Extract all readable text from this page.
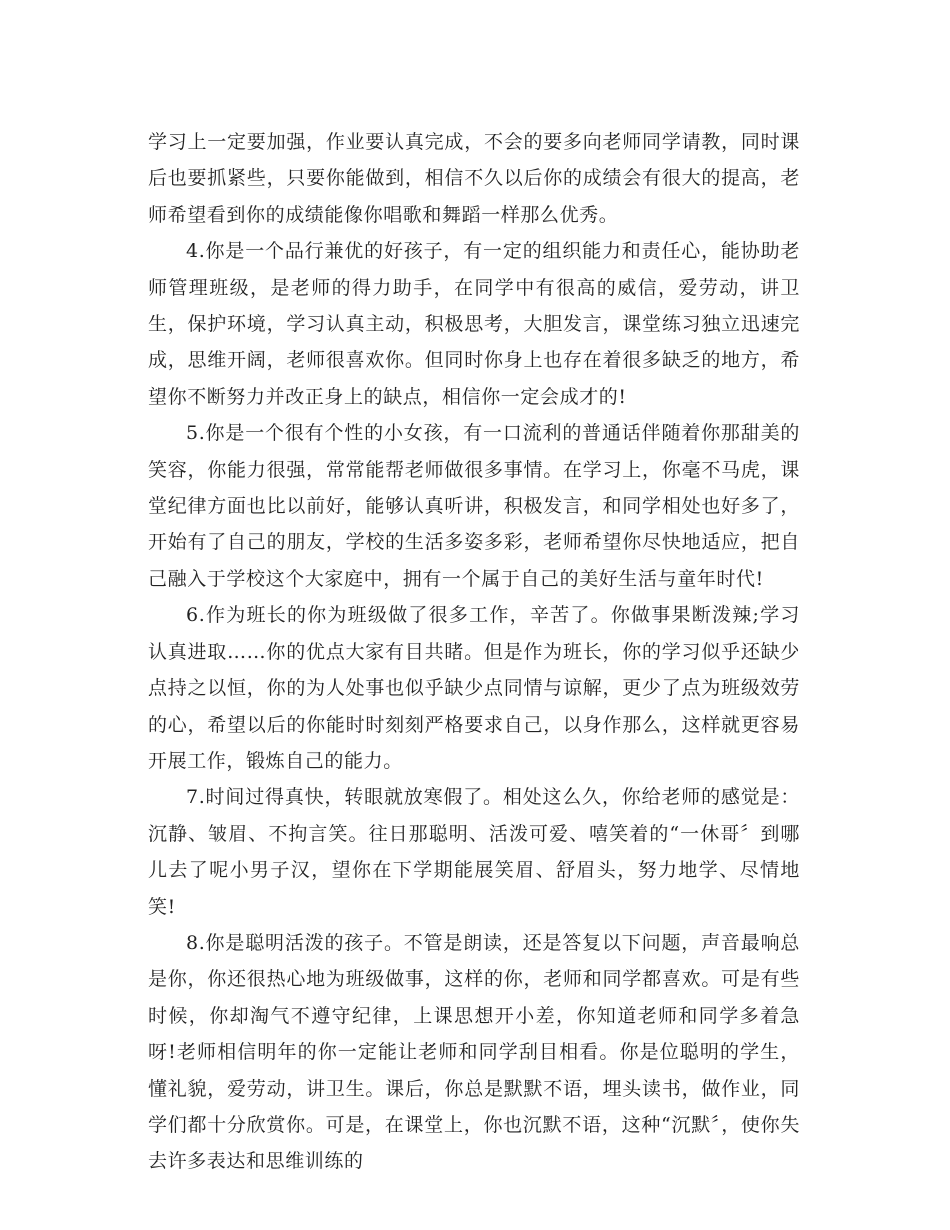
学习上一定要加强，作业要认真完成，不会的要多向老师同学请教，同时课后也要抓紧些，只要你能做到，相信不久以后你的成绩会有很大的提高，老师希望看到你的成绩能像你唱歌和舞蹈一样那么优秀。

4.你是一个品行兼优的好孩子，有一定的组织能力和责任心，能协助老师管理班级，是老师的得力助手，在同学中有很高的威信，爱劳动，讲卫生，保护环境，学习认真主动，积极思考，大胆发言，课堂练习独立迅速完成，思维开阔，老师很喜欢你。但同时你身上也存在着很多缺乏的地方，希望你不断努力并改正身上的缺点，相信你一定会成才的!

5.你是一个很有个性的小女孩，有一口流利的普通话伴随着你那甜美的笑容，你能力很强，常常能帮老师做很多事情。在学习上，你毫不马虎，课堂纪律方面也比以前好，能够认真听讲，积极发言，和同学相处也好多了，开始有了自己的朋友，学校的生活多姿多彩，老师希望你尽快地适应，把自己融入于学校这个大家庭中，拥有一个属于自己的美好生活与童年时代!

6.作为班长的你为班级做了很多工作，辛苦了。你做事果断泼辣;学习认真进取……你的优点大家有目共睹。但是作为班长，你的学习似乎还缺少点持之以恒，你的为人处事也似乎缺少点同情与谅解，更少了点为班级效劳的心，希望以后的你能时时刻刻严格要求自己，以身作那么，这样就更容易开展工作，锻炼自己的能力。

7.时间过得真快，转眼就放寒假了。相处这么久，你给老师的感觉是：沉静、皱眉、不拘言笑。往日那聪明、活泼可爱、嘻笑着的“一休哥〞到哪儿去了呢小男子汉，望你在下学期能展笑眉、舒眉头，努力地学、尽情地笑!

8.你是聪明活泼的孩子。不管是朗读，还是答复以下问题，声音最响总是你，你还很热心地为班级做事，这样的你，老师和同学都喜欢。可是有些时候，你却淘气不遵守纪律，上课思想开小差，你知道老师和同学多着急呀!老师相信明年的你一定能让老师和同学刮目相看。你是位聪明的学生，懂礼貌，爱劳动，讲卫生。课后，你总是默默不语，埋头读书，做作业，同学们都十分欣赏你。可是，在课堂上，你也沉默不语，这种“沉默〞，使你失去许多表达和思维训练的
